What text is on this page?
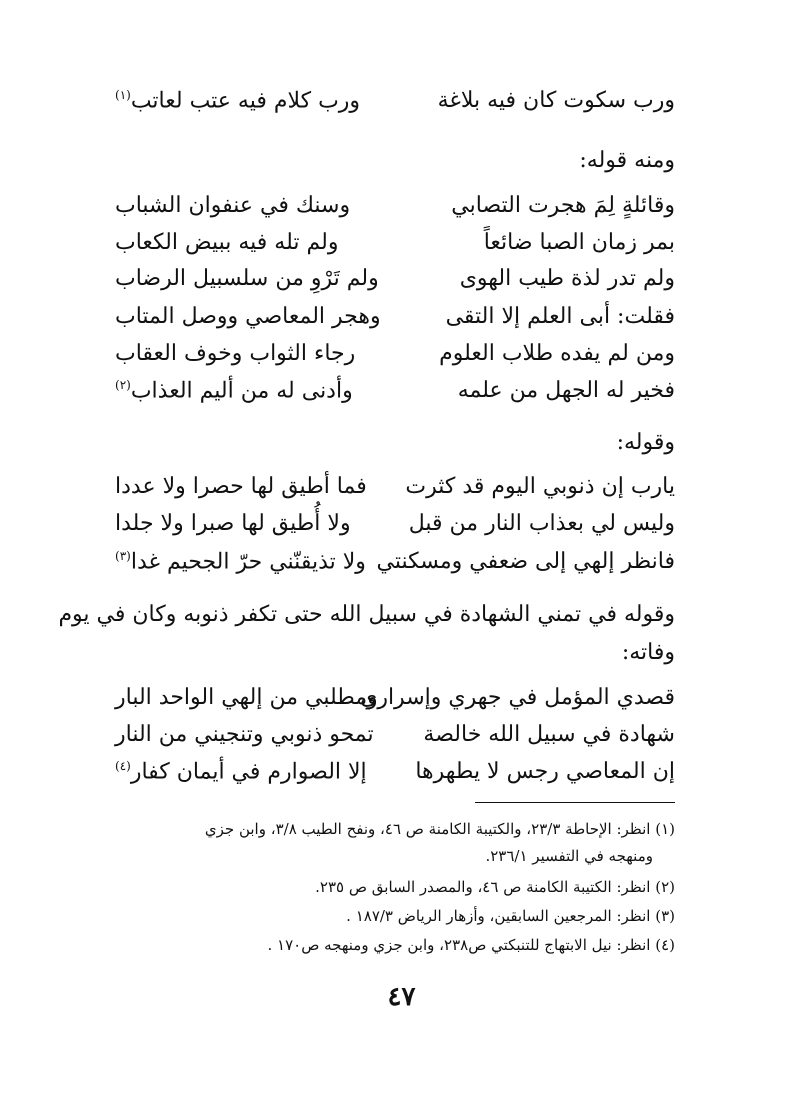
ورب سكوت كان فيه بلاغة
ورب كلام فيه عتب لعاتب$^{(١)}$
ومنه قوله:
وقائلةٍ لِمَ هجرت التصابي
وسنك في عنفوان الشباب
بمر زمان الصبا ضائعاً
ولم تله فيه ببيض الكعاب
ولم تدر لذة طيب الهوى
ولم تَرْوِ من سلسبيل الرضاب
فقلت: أبى العلم إلا التقى
وهجر المعاصي ووصل المتاب
ومن لم يفده طلاب العلوم
رجاء الثواب وخوف العقاب
فخير له الجهل من علمه
وأدنى له من أليم العذاب$^{(٢)}$
وقوله:
يارب إن ذنوبي اليوم قد كثرت
فما أطيق لها حصرا ولا عددا
وليس لي بعذاب النار من قبل
ولا أُطيق لها صبرا ولا جلدا
فانظر إلهي إلى ضعفي ومسكنتي
ولا تذيقنّني حرّ الجحيم غدا$^{(٣)}$
وقوله في تمني الشهادة في سبيل الله حتى تكفر ذنوبه وكان في يوم
وفاته:
قصدي المؤمل في جهري وإسراري
ومطلبي من إلهي الواحد البار
شهادة في سبيل الله خالصة
تمحو ذنوبي وتنجيني من النار
إن المعاصي رجس لا يطهرها
إلا الصوارم في أيمان كفار$^{(٤)}$
(١) انظر: الإحاطة ٢٣/٣، والكتيبة الكامنة ص ٤٦، ونفح الطيب ٣/٨، وابن جزي
ومنهجه في التفسير ٢٣٦/١.
(٢) انظر: الكتيبة الكامنة ص ٤٦، والمصدر السابق ص ٢٣٥.
(٣) انظر: المرجعين السابقين، وأزهار الرياض ١٨٧/٣ .
(٤) انظر: نيل الابتهاج للتنبكتي ص٢٣٨، وابن جزي ومنهجه ص١٧٠ .
٤٧
